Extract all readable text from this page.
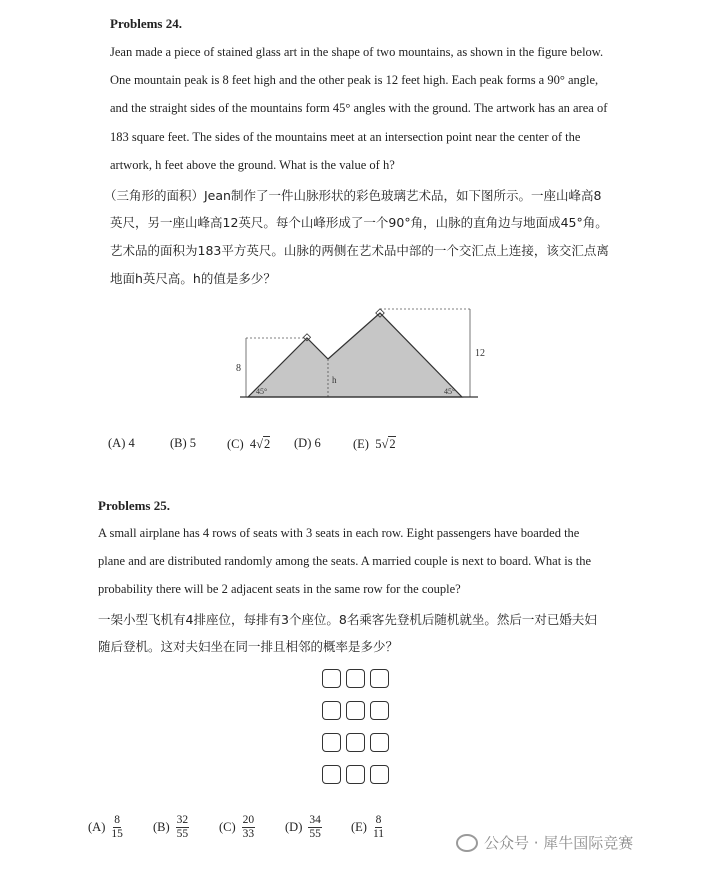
Problems 24.
Jean made a piece of stained glass art in the shape of two mountains, as shown in the figure below.
One mountain peak is 8 feet high and the other peak is 12 feet high. Each peak forms a 90° angle,
and the straight sides of the mountains form 45° angles with the ground. The artwork has an area of
183 square feet. The sides of the mountains meet at an intersection point near the center of the
artwork, h feet above the ground. What is the value of h?
（三角形的面积）Jean制作了一件山脉形状的彩色玻璃艺术品，如下图所示。一座山峰高8
英尺，另一座山峰高12英尺。每个山峰形成了一个90°角，山脉的直角边与地面成45°角。
艺术品的面积为183平方英尺。山脉的两侧在艺术品中部的一个交汇点上连接，该交汇点离
地面h英尺高。h的值是多少？
8
12
h
45°	45°
(A)
4	(B)
5 (C)
4 √ 2 (D)
6	(E)
5 √ 2
Problems 25.
A small airplane has 4 rows of seats with 3 seats in each row. Eight passengers have boarded the
plane and are distributed randomly among the seats. A married couple is next to board. What is the
probability there will be 2 adjacent seats in the same row for the couple?
一架小型飞机有4排座位，每排有3个座位。8名乘客先登机后随机就坐。然后一对已婚夫妇
随后登机。这对夫妇坐在同一排且相邻的概率是多少？
$(A) \frac{8}{15} (B) \frac{32}{55} (C) \frac{20}{33} (D) \frac{34}{55} (E) \frac{8}{11}$
公众号 · 犀牛国际竞赛
